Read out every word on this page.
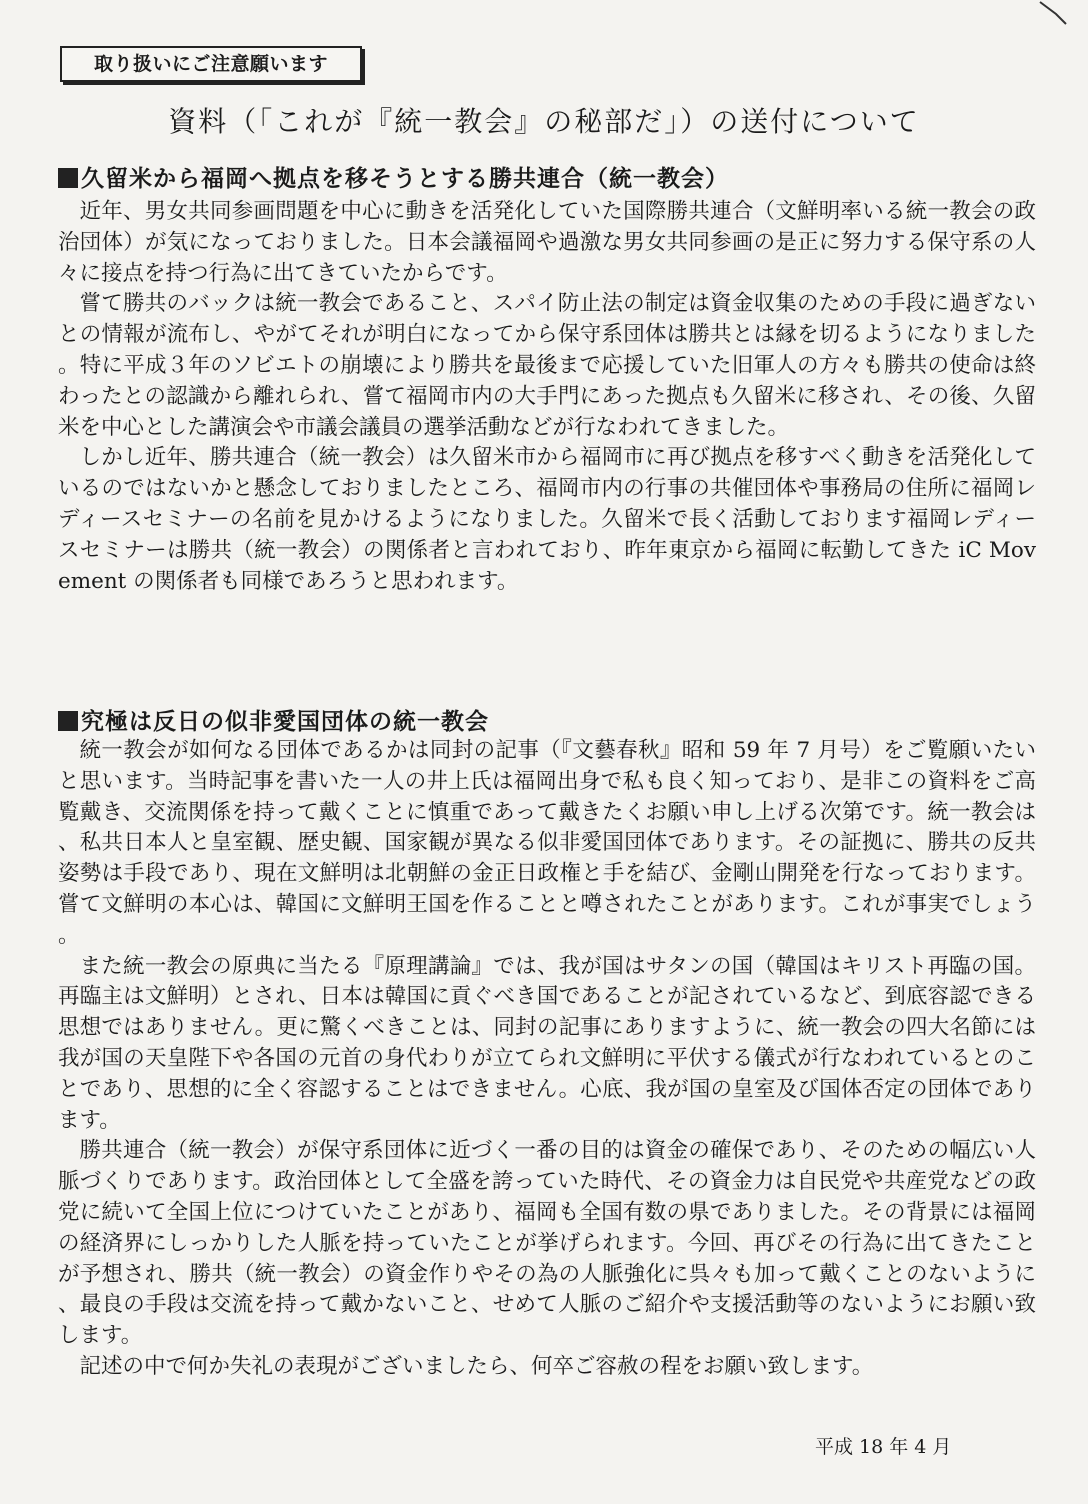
取り扱いにご注意願います
資料（「これが『統一教会』の秘部だ」）の送付について
久留米から福岡へ拠点を移そうとする勝共連合（統一教会）

近年、男女共同参画問題を中心に動きを活発化していた国際勝共連合（文鮮明率いる統一教会の政治団体）が気になっておりました。日本会議福岡や過激な男女共同参画の是正に努力する保守系の人々に接点を持つ行為に出てきていたからです。

嘗て勝共のバックは統一教会であること、スパイ防止法の制定は資金収集のための手段に過ぎないとの情報が流布し、やがてそれが明白になってから保守系団体は勝共とは縁を切るようになりました。特に平成３年のソビエトの崩壊により勝共を最後まで応援していた旧軍人の方々も勝共の使命は終わったとの認識から離れられ、嘗て福岡市内の大手門にあった拠点も久留米に移され、その後、久留米を中心とした講演会や市議会議員の選挙活動などが行なわれてきました。

しかし近年、勝共連合（統一教会）は久留米市から福岡市に再び拠点を移すべく動きを活発化しているのではないかと懸念しておりましたところ、福岡市内の行事の共催団体や事務局の住所に福岡レディースセミナーの名前を見かけるようになりました。久留米で長く活動しております福岡レディースセミナーは勝共（統一教会）の関係者と言われており、昨年東京から福岡に転勤してきた iC Movement の関係者も同様であろうと思われます。

究極は反日の似非愛国団体の統一教会

統一教会が如何なる団体であるかは同封の記事（『文藝春秋』昭和 59 年 7 月号）をご覧願いたいと思います。当時記事を書いた一人の井上氏は福岡出身で私も良く知っており、是非この資料をご高覧戴き、交流関係を持って戴くことに慎重であって戴きたくお願い申し上げる次第です。統一教会は、私共日本人と皇室観、歴史観、国家観が異なる似非愛国団体であります。その証拠に、勝共の反共姿勢は手段であり、現在文鮮明は北朝鮮の金正日政権と手を結び、金剛山開発を行なっております。嘗て文鮮明の本心は、韓国に文鮮明王国を作ることと噂されたことがあります。これが事実でしょう。

また統一教会の原典に当たる『原理講論』では、我が国はサタンの国（韓国はキリスト再臨の国。再臨主は文鮮明）とされ、日本は韓国に貢ぐべき国であることが記されているなど、到底容認できる思想ではありません。更に驚くべきことは、同封の記事にありますように、統一教会の四大名節には我が国の天皇陛下や各国の元首の身代わりが立てられ文鮮明に平伏する儀式が行なわれているとのことであり、思想的に全く容認することはできません。心底、我が国の皇室及び国体否定の団体であります。

勝共連合（統一教会）が保守系団体に近づく一番の目的は資金の確保であり、そのための幅広い人脈づくりであります。政治団体として全盛を誇っていた時代、その資金力は自民党や共産党などの政党に続いて全国上位につけていたことがあり、福岡も全国有数の県でありました。その背景には福岡の経済界にしっかりした人脈を持っていたことが挙げられます。今回、再びその行為に出てきたことが予想され、勝共（統一教会）の資金作りやその為の人脈強化に呉々も加って戴くことのないように、最良の手段は交流を持って戴かないこと、せめて人脈のご紹介や支援活動等のないようにお願い致します。

記述の中で何か失礼の表現がございましたら、何卒ご容赦の程をお願い致します。

平成 18 年 4 月
